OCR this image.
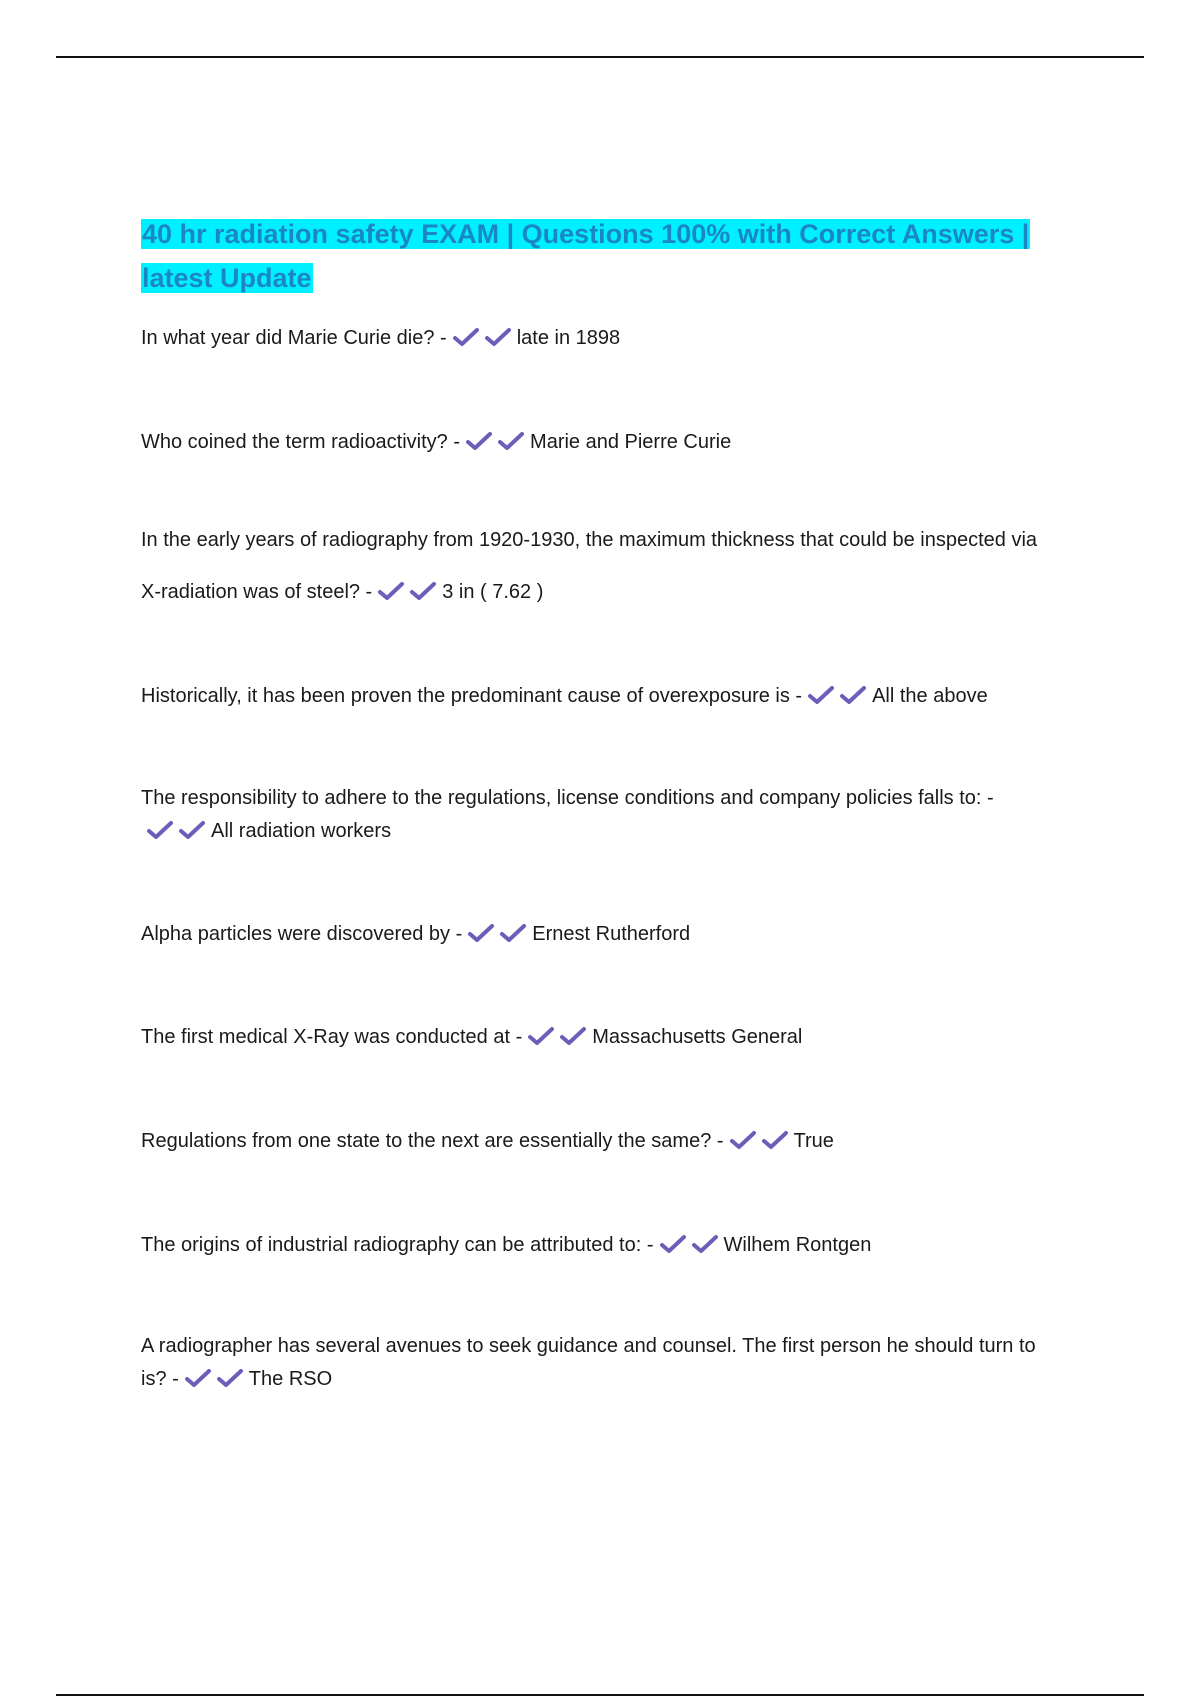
40 hr radiation safety EXAM | Questions 100% with Correct Answers | latest Update

In what year did Marie Curie die? -	late in 1898

Who coined the term radioactivity? -	Marie and Pierre Curie

In the early years of radiography from 1920-1930, the maximum thickness that could be inspected via

X-radiation was of steel? -	3 in ( 7.62 )

Historically, it has been proven the predominant cause of overexposure is -	All the above

The responsibility to adhere to the regulations, license conditions and company policies falls to: -All radiation workers

Alpha particles were discovered by -	Ernest Rutherford

The first medical X-Ray was conducted at -	Massachusetts General

Regulations from one state to the next are essentially the same? -	True

The origins of industrial radiography can be attributed to: -	Wilhem Rontgen

A radiographer has several avenues to seek guidance and counsel. The first person he should turn to is? -	The RSO
